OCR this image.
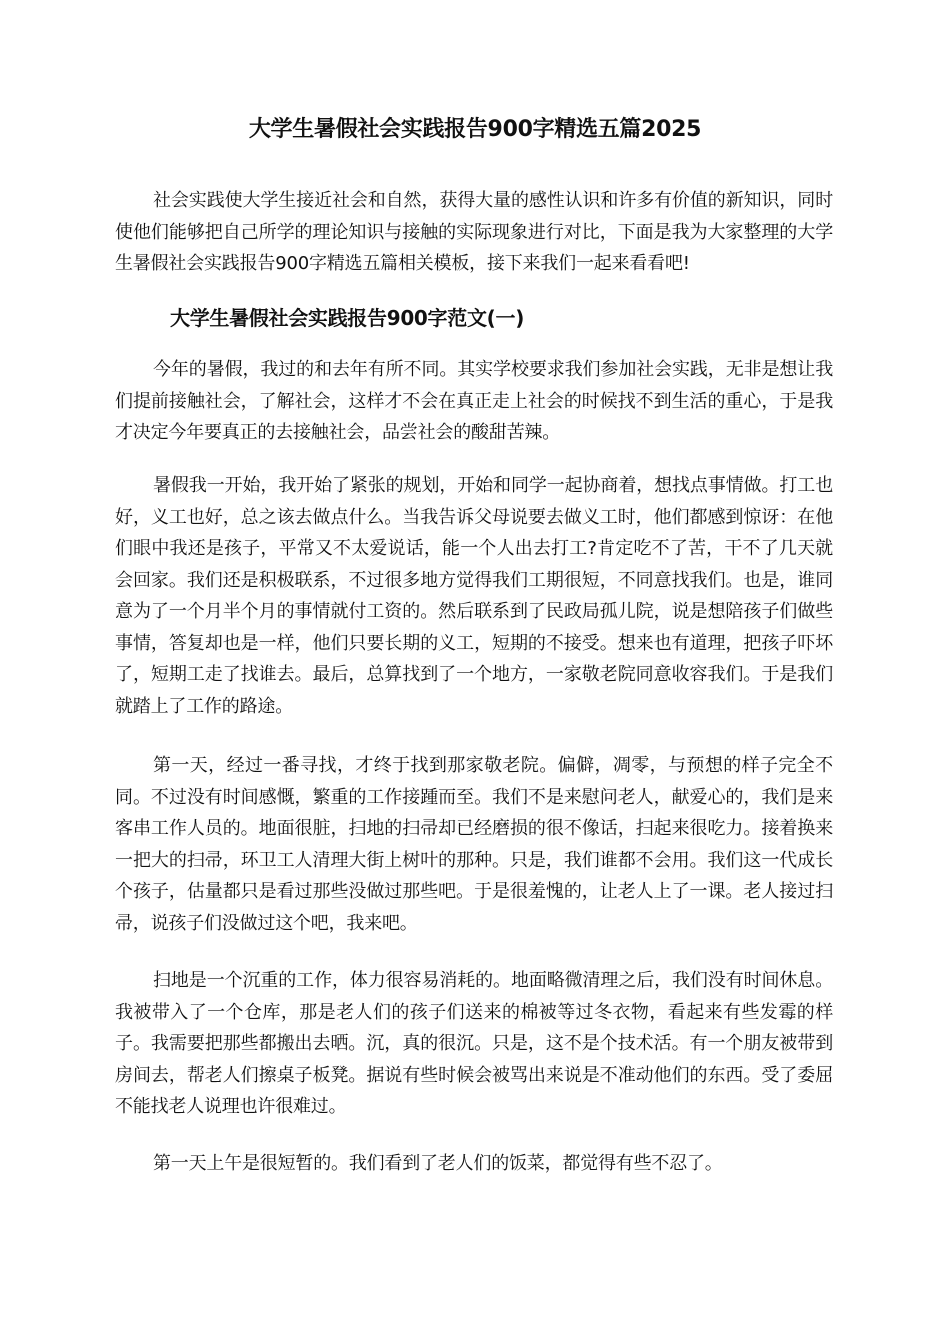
大学生暑假社会实践报告900字精选五篇2025

社会实践使大学生接近社会和自然，获得大量的感性认识和许多有价值的新知识，同时使他们能够把自己所学的理论知识与接触的实际现象进行对比，下面是我为大家整理的大学生暑假社会实践报告900字精选五篇相关模板，接下来我们一起来看看吧!

大学生暑假社会实践报告900字范文(一)

今年的暑假，我过的和去年有所不同。其实学校要求我们参加社会实践，无非是想让我们提前接触社会，了解社会，这样才不会在真正走上社会的时候找不到生活的重心，于是我才决定今年要真正的去接触社会，品尝社会的酸甜苦辣。

暑假我一开始，我开始了紧张的规划，开始和同学一起协商着，想找点事情做。打工也好，义工也好，总之该去做点什么。当我告诉父母说要去做义工时，他们都感到惊讶：在他们眼中我还是孩子，平常又不太爱说话，能一个人出去打工?肯定吃不了苦，干不了几天就会回家。我们还是积极联系，不过很多地方觉得我们工期很短，不同意找我们。也是，谁同意为了一个月半个月的事情就付工资的。然后联系到了民政局孤儿院，说是想陪孩子们做些事情，答复却也是一样，他们只要长期的义工，短期的不接受。想来也有道理，把孩子吓坏了，短期工走了找谁去。最后，总算找到了一个地方，一家敬老院同意收容我们。于是我们就踏上了工作的路途。

第一天，经过一番寻找，才终于找到那家敬老院。偏僻，凋零，与预想的样子完全不同。不过没有时间感慨，繁重的工作接踵而至。我们不是来慰问老人，献爱心的，我们是来客串工作人员的。地面很脏，扫地的扫帚却已经磨损的很不像话，扫起来很吃力。接着换来一把大的扫帚，环卫工人清理大街上树叶的那种。只是，我们谁都不会用。我们这一代成长个孩子，估量都只是看过那些没做过那些吧。于是很羞愧的，让老人上了一课。老人接过扫帚，说孩子们没做过这个吧，我来吧。

扫地是一个沉重的工作，体力很容易消耗的。地面略微清理之后，我们没有时间休息。我被带入了一个仓库，那是老人们的孩子们送来的棉被等过冬衣物，看起来有些发霉的样子。我需要把那些都搬出去晒。沉，真的很沉。只是，这不是个技术活。有一个朋友被带到房间去，帮老人们擦桌子板凳。据说有些时候会被骂出来说是不准动他们的东西。受了委屈不能找老人说理也许很难过。

第一天上午是很短暂的。我们看到了老人们的饭菜，都觉得有些不忍了。
